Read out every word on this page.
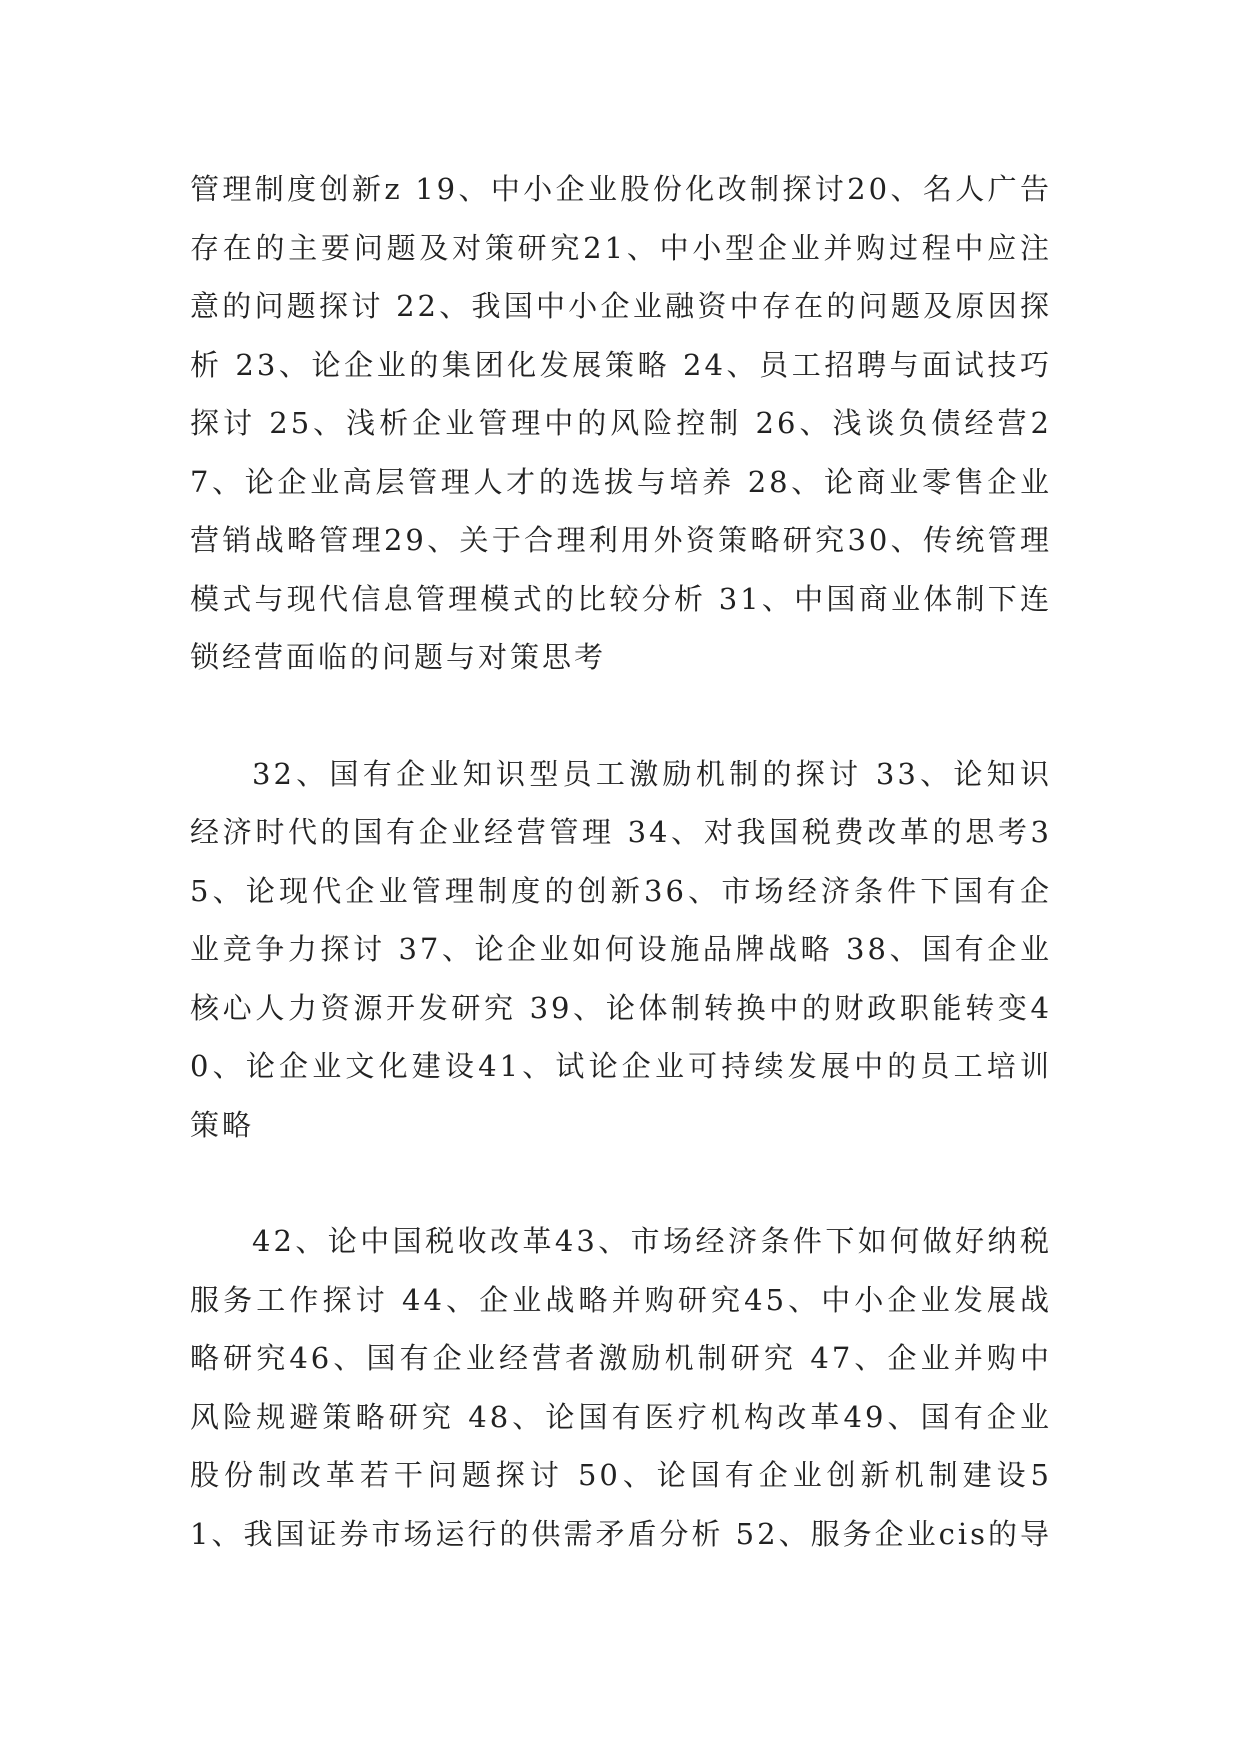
管理制度创新z 19、中小企业股份化改制探讨20、名人广告存在的主要问题及对策研究21、中小型企业并购过程中应注意的问题探讨 22、我国中小企业融资中存在的问题及原因探析 23、论企业的集团化发展策略 24、员工招聘与面试技巧探讨 25、浅析企业管理中的风险控制 26、浅谈负债经营27、论企业高层管理人才的选拔与培养 28、论商业零售企业营销战略管理29、关于合理利用外资策略研究30、传统管理模式与现代信息管理模式的比较分析 31、中国商业体制下连锁经营面临的问题与对策思考

32、国有企业知识型员工激励机制的探讨 33、论知识经济时代的国有企业经营管理 34、对我国税费改革的思考35、论现代企业管理制度的创新36、市场经济条件下国有企业竞争力探讨 37、论企业如何设施品牌战略 38、国有企业核心人力资源开发研究 39、论体制转换中的财政职能转变40、论企业文化建设41、试论企业可持续发展中的员工培训策略

42、论中国税收改革43、市场经济条件下如何做好纳税服务工作探讨 44、企业战略并购研究45、中小企业发展战略研究46、国有企业经营者激励机制研究 47、企业并购中风险规避策略研究 48、论国有医疗机构改革49、国有企业股份制改革若干问题探讨 50、论国有企业创新机制建设51、我国证券市场运行的供需矛盾分析 52、服务企业cis的导
